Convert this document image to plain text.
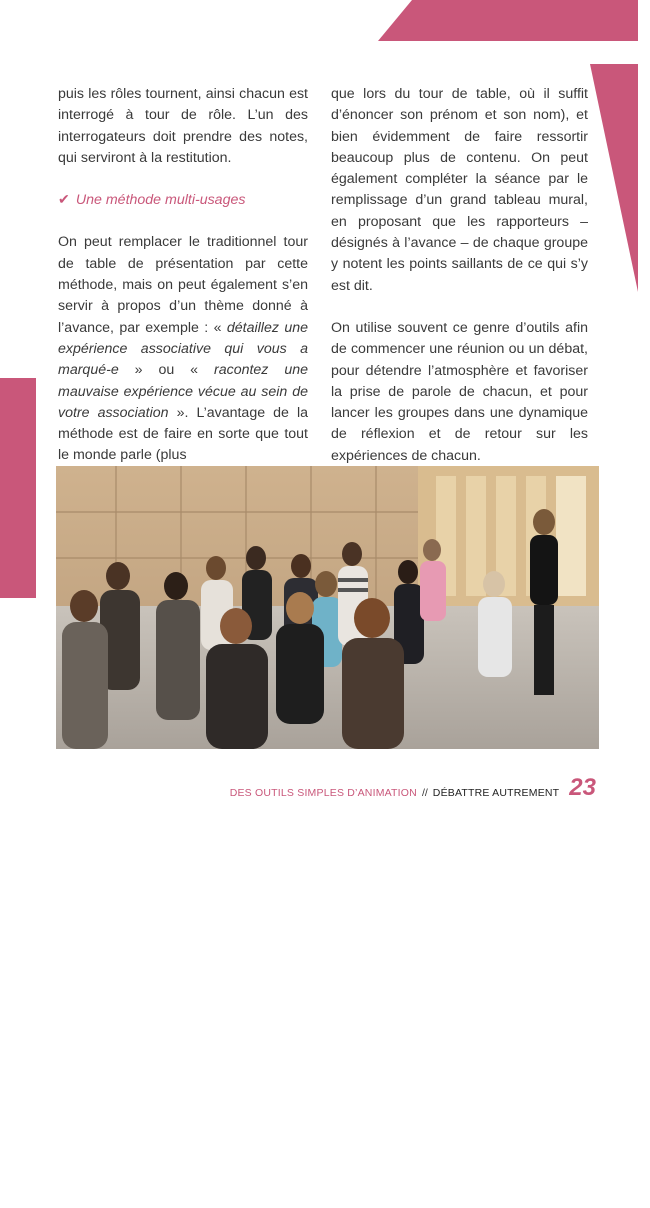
puis les rôles tournent, ainsi chacun est interrogé à tour de rôle. L’un des interrogateurs doit prendre des notes, qui serviront à la restitution.

✔ Une méthode multi-usages

On peut remplacer le traditionnel tour de table de présentation par cette méthode, mais on peut également s’en servir à propos d’un thème donné à l’avance, par exemple : « détaillez une expérience associative qui vous a marqué-e » ou « racontez une mauvaise expérience vécue au sein de votre association ». L’avantage de la méthode est de faire en sorte que tout le monde parle (plus

que lors du tour de table, où il suffit d’énoncer son prénom et son nom), et bien évidemment de faire ressortir beaucoup plus de contenu. On peut également compléter la séance par le remplissage d’un grand tableau mural, en proposant que les rapporteurs – désignés à l’avance – de chaque groupe y notent les points saillants de ce qui s’y est dit.

On utilise souvent ce genre d’outils afin de commencer une réunion ou un débat, pour détendre l’atmosphère et favoriser la prise de parole de chacun, et pour lancer les groupes dans une dynamique de réflexion et de retour sur les expériences de chacun.

© Lotus,ville / flickr.com
DES OUTILS SIMPLES D’ANIMATION // DÉBATTRE AUTREMENT 23
